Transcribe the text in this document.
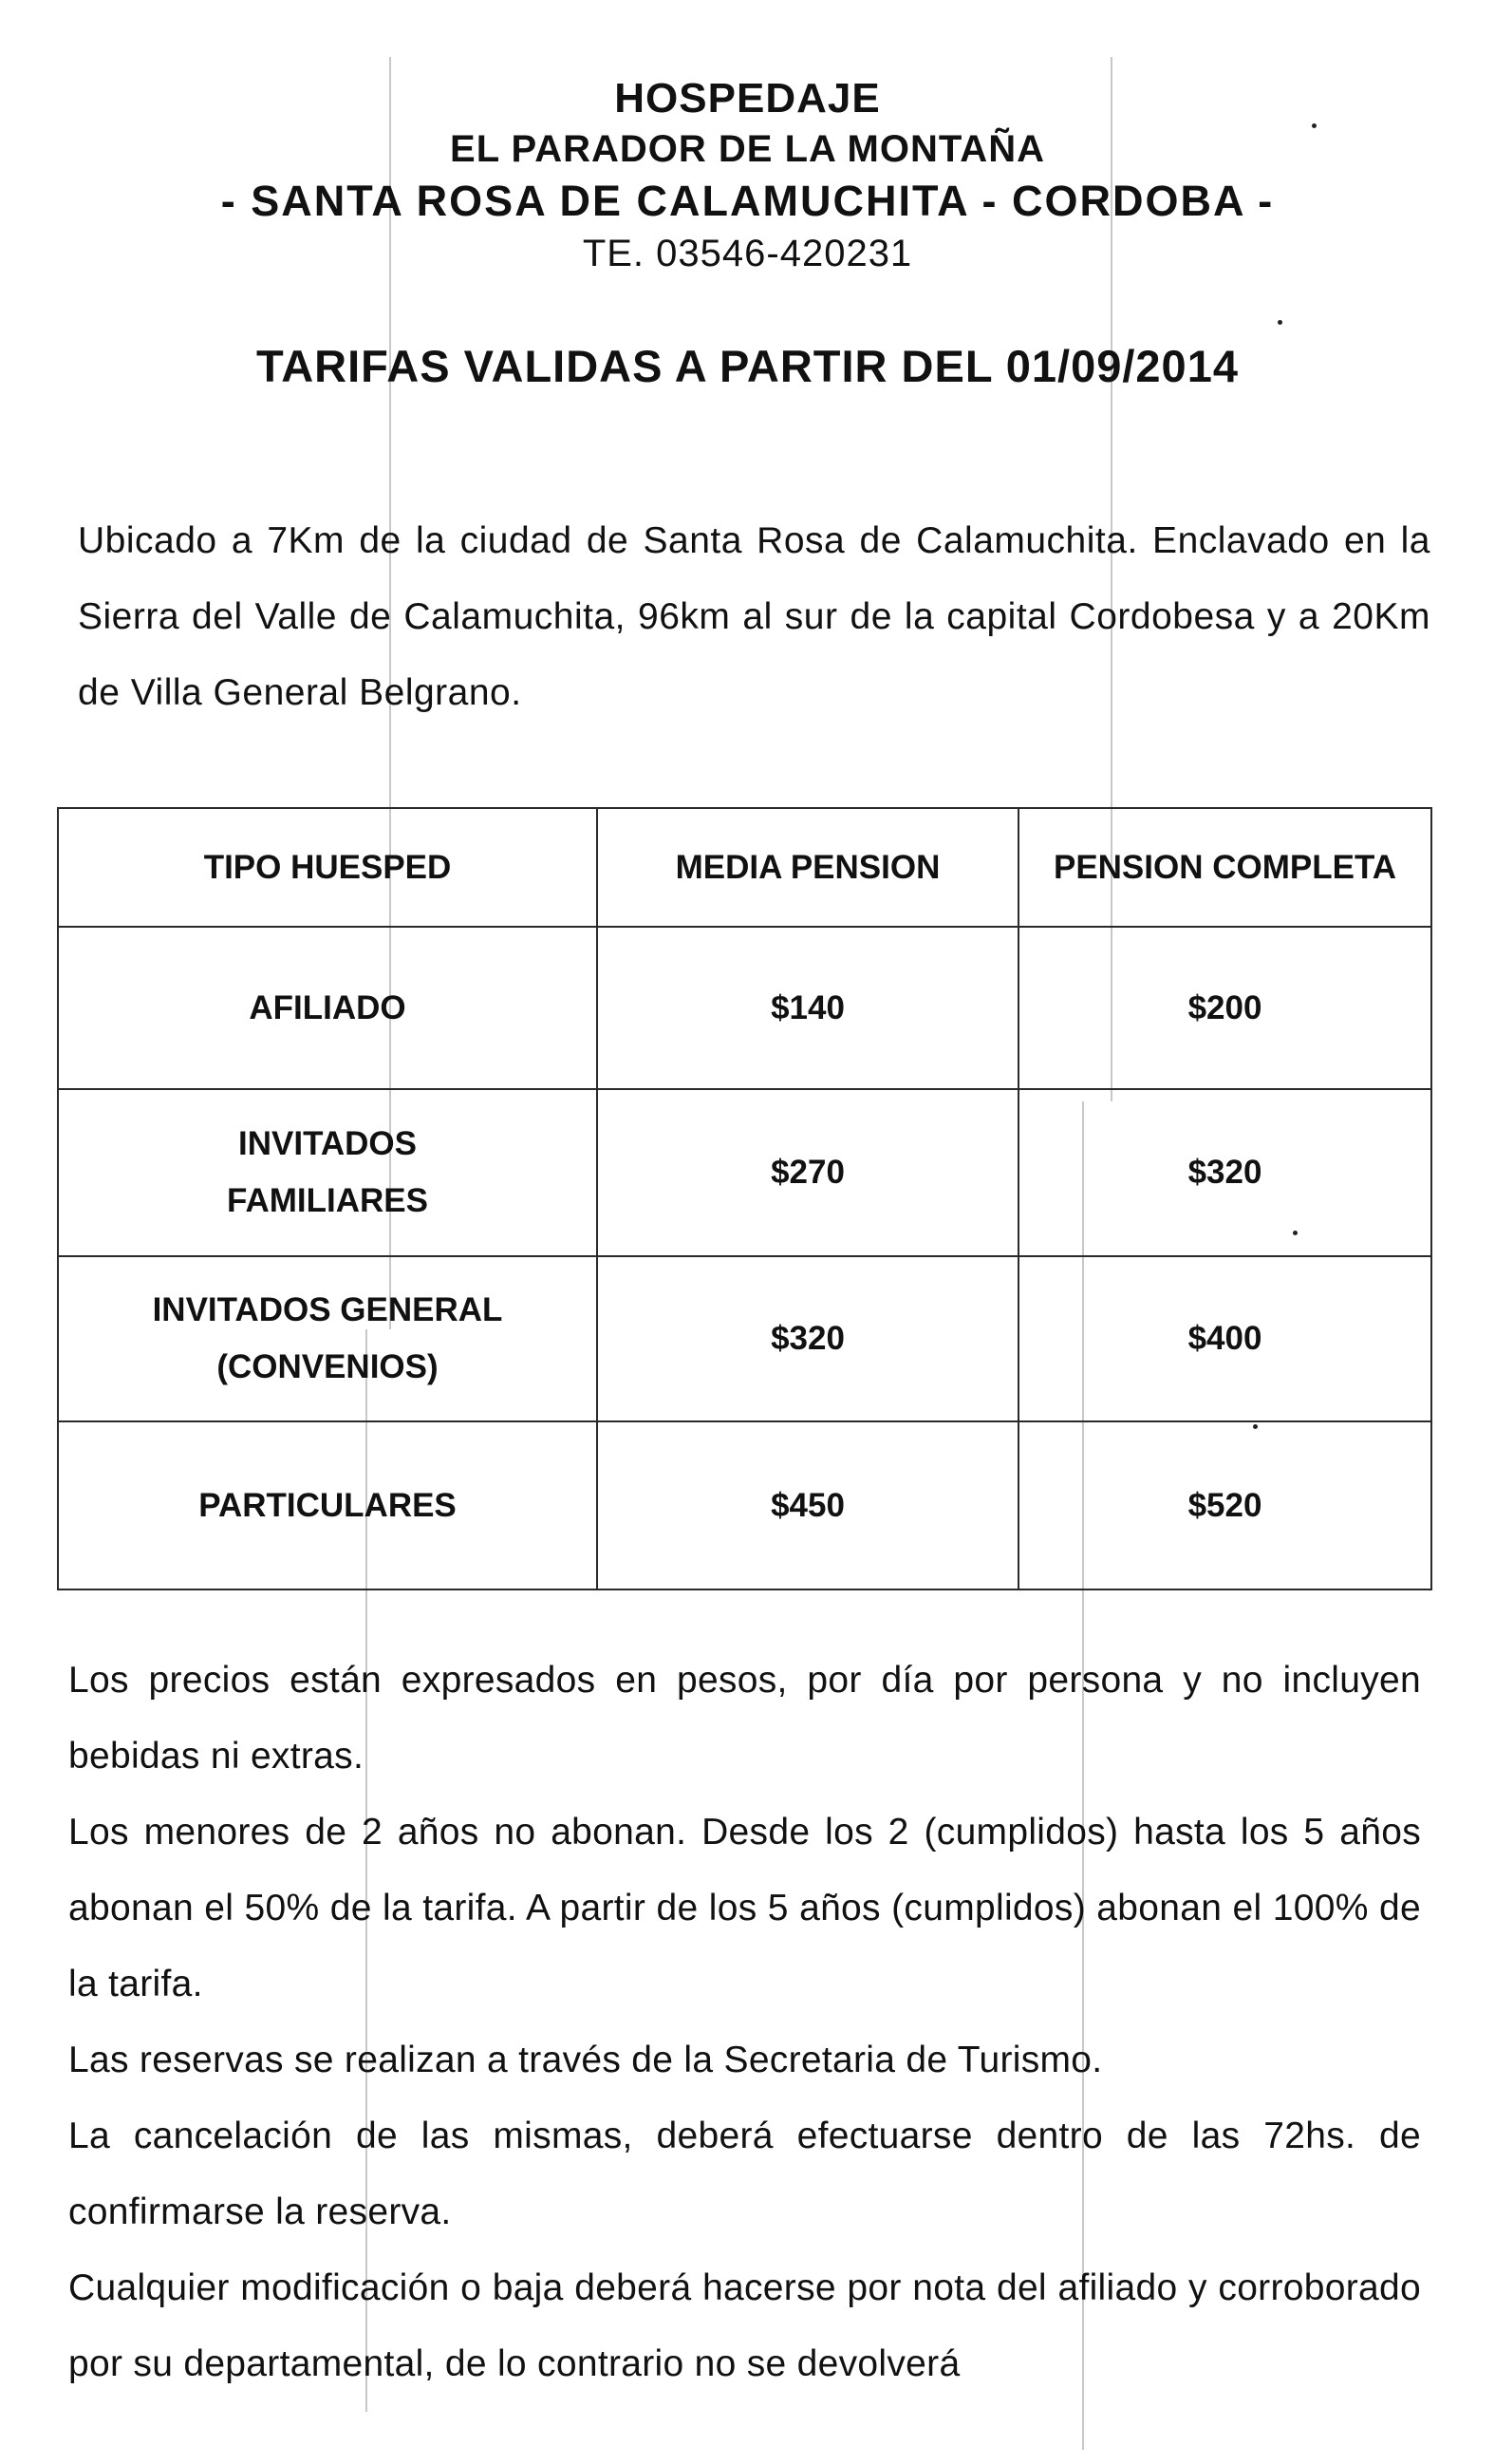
HOSPEDAJE

EL PARADOR DE LA MONTAÑA

- SANTA ROSA DE CALAMUCHITA - CORDOBA -

TE. 03546-420231

TARIFAS VALIDAS A PARTIR DEL 01/09/2014
Ubicado a 7Km de la ciudad de Santa Rosa de Calamuchita. Enclavado en la Sierra del Valle de Calamuchita, 96km al sur de la capital Cordobesa y a 20Km de Villa General Belgrano.
TIPO HUESPED	MEDIA PENSION	PENSION COMPLETA

AFILIADO	$140	$200

INVITADOS
FAMILIARES	$270	$320

INVITADOS GENERAL
(CONVENIOS)	$320	$400

PARTICULARES	$450	$520

Los precios están expresados en pesos, por día por persona y no incluyen bebidas ni extras.

Los menores de 2 años no abonan. Desde los 2 (cumplidos) hasta los 5 años abonan el 50% de la tarifa. A partir de los 5 años (cumplidos) abonan el 100% de la tarifa.

Las reservas se realizan a través de la Secretaria de Turismo.

La cancelación de las mismas, deberá efectuarse dentro de las 72hs. de confirmarse la reserva.

Cualquier modificación o baja deberá hacerse por nota del afiliado y corroborado por su departamental, de lo contrario no se devolverá
